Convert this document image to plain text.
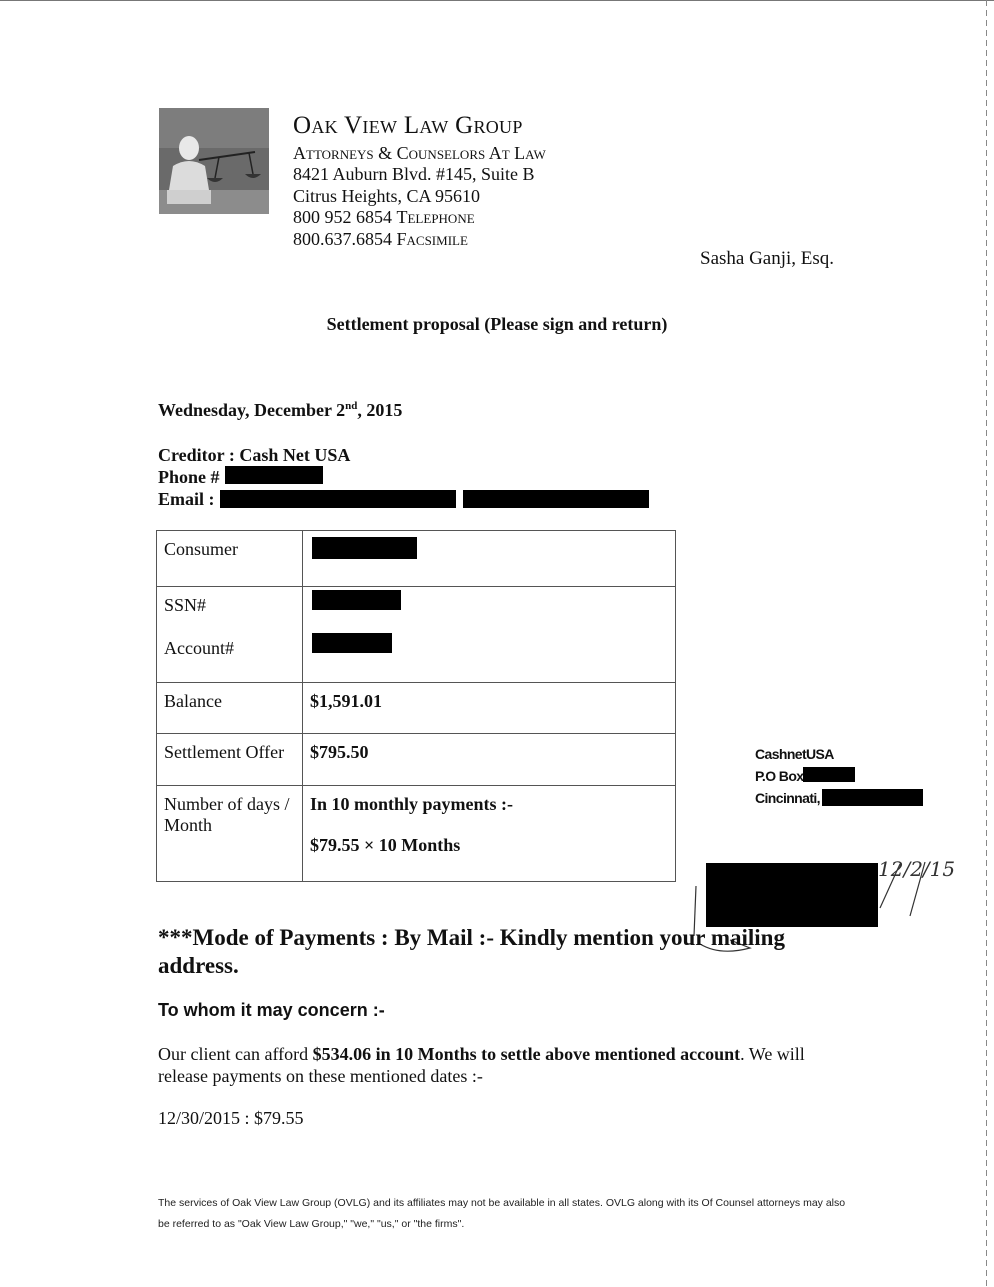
Oak View Law Group
Attorneys & Counselors At Law
8421 Auburn Blvd. #145, Suite B
Citrus Heights, CA 95610
800 952 6854 Telephone
800.637.6854 Facsimile
Sasha Ganji, Esq.
Settlement proposal (Please sign and return)
Wednesday, December 2nd, 2015
Creditor : Cash Net USA
Phone #
Email :
Consumer	

SSN#
Account#	

Balance	$1,591.01
Settlement Offer	$795.50
Number of days / Month	In 10 monthly payments :-
$79.55 × 10 Months
CashnetUSA
P.O Box
Cincinnati,
12/2/15
***Mode of Payments : By Mail :- Kindly mention your mailing address.
To whom it may concern :-
Our client can afford $534.06 in 10 Months to settle above mentioned account. We will release payments on these mentioned dates :-
12/30/2015 : $79.55
The services of Oak View Law Group (OVLG) and its affiliates may not be available in all states. OVLG along with its Of Counsel attorneys may also be referred to as "Oak View Law Group," "we," "us," or "the firms".
